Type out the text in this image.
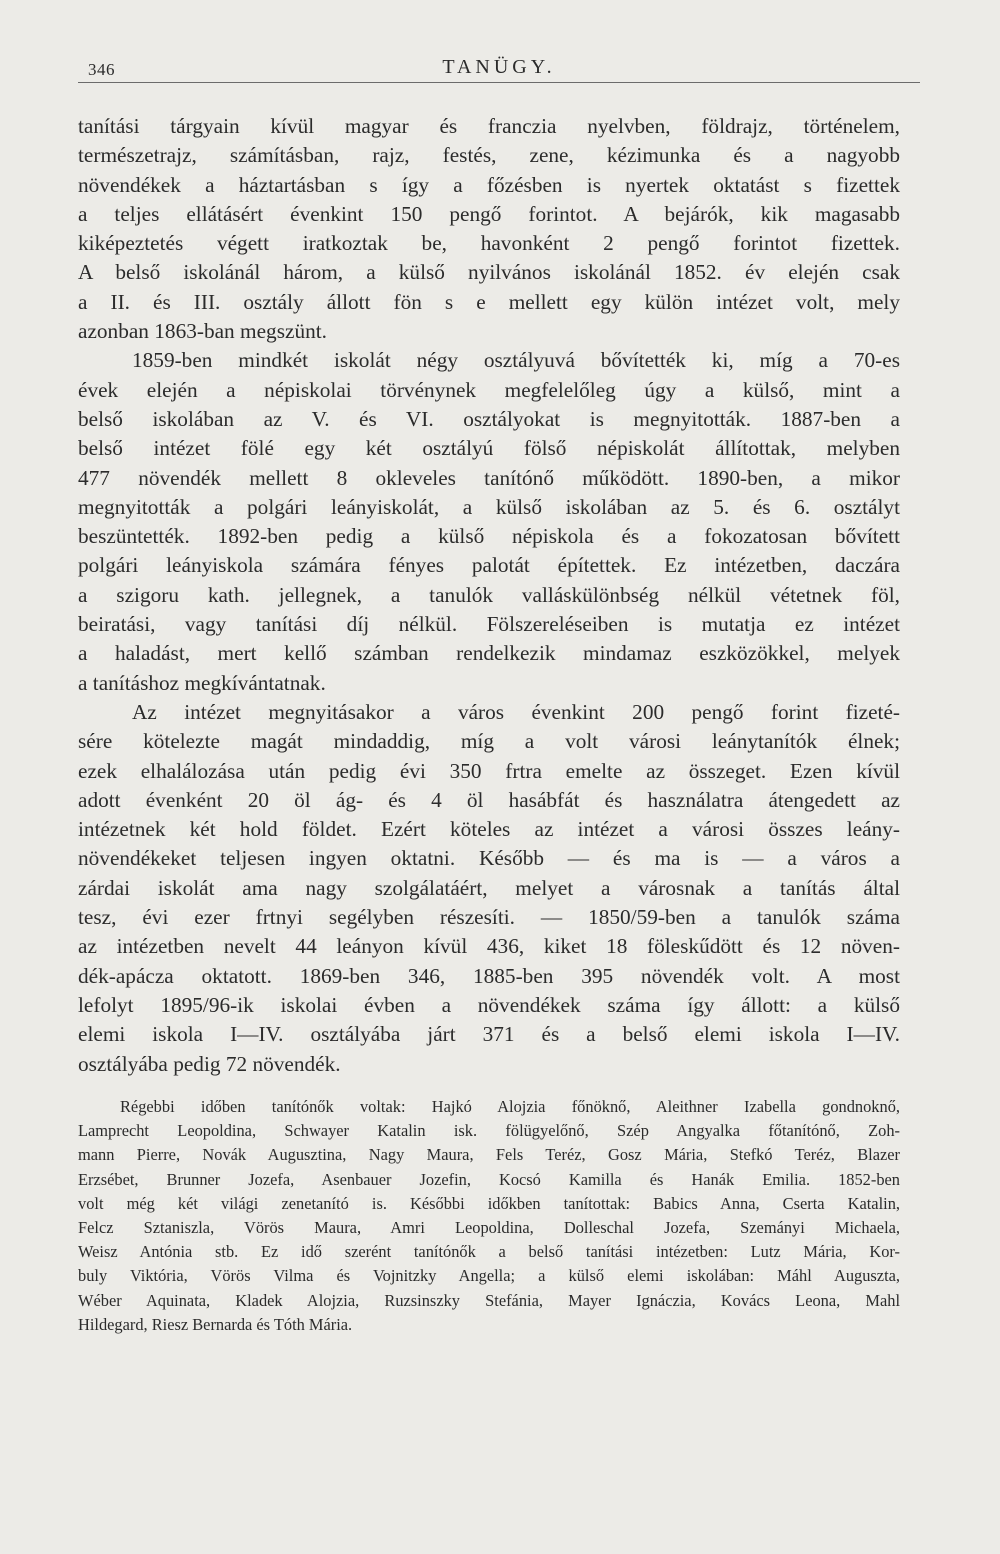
346	TANÜGY.
tanítási tárgyain kívül magyar és franczia nyelvben, földrajz, történelem,
természetrajz, számításban, rajz, festés, zene, kézimunka és a nagyobb
növendékek a háztartásban s így a főzésben is nyertek oktatást s fizettek
a teljes ellátásért évenkint 150 pengő forintot. A bejárók, kik magasabb
kiképeztetés végett iratkoztak be, havonként 2 pengő forintot fizettek.
A belső iskolánál három, a külső nyilvános iskolánál 1852. év elején csak
a II. és III. osztály állott fön s e mellett egy külön intézet volt, mely
azonban 1863-ban megszünt.
1859-ben mindkét iskolát négy osztályuvá bővítették ki, míg a 70-es
évek elején a népiskolai törvénynek megfelelőleg úgy a külső, mint a
belső iskolában az V. és VI. osztályokat is megnyitották. 1887-ben a
belső intézet fölé egy két osztályú fölső népiskolát állítottak, melyben
477 növendék mellett 8 okleveles tanítónő működött. 1890-ben, a mikor
megnyitották a polgári leányiskolát, a külső iskolában az 5. és 6. osztályt
beszüntették. 1892-ben pedig a külső népiskola és a fokozatosan bővített
polgári leányiskola számára fényes palotát építettek. Ez intézetben, daczára
a szigoru kath. jellegnek, a tanulók valláskülönbség nélkül vétetnek föl,
beiratási, vagy tanítási díj nélkül. Fölszereléseiben is mutatja ez intézet
a haladást, mert kellő számban rendelkezik mindamaz eszközökkel, melyek
a tanításhoz megkívántatnak.
Az intézet megnyitásakor a város évenkint 200 pengő forint fizeté-
sére kötelezte magát mindaddig, míg a volt városi leánytanítók élnek;
ezek elhalálozása után pedig évi 350 frtra emelte az összeget. Ezen kívül
adott évenként 20 öl ág- és 4 öl hasábfát és használatra átengedett az
intézetnek két hold földet. Ezért köteles az intézet a városi összes leány-
növendékeket teljesen ingyen oktatni. Később — és ma is — a város a
zárdai iskolát ama nagy szolgálatáért, melyet a városnak a tanítás által
tesz, évi ezer frtnyi segélyben részesíti. — 1850/59-ben a tanulók száma
az intézetben nevelt 44 leányon kívül 436, kiket 18 föleskűdött és 12 növen-
dék-apácza oktatott. 1869-ben 346, 1885-ben 395 növendék volt. A most
lefolyt 1895/96-ik iskolai évben a növendékek száma így állott: a külső
elemi iskola I—IV. osztályába járt 371 és a belső elemi iskola I—IV.
osztályába pedig 72 növendék.
Régebbi időben tanítónők voltak: Hajkó Alojzia főnöknő, Aleithner Izabella gondnoknő,
Lamprecht Leopoldina, Schwayer Katalin isk. fölügyelőnő, Szép Angyalka főtanítónő, Zoh-
mann Pierre, Novák Augusztina, Nagy Maura, Fels Teréz, Gosz Mária, Stefkó Teréz, Blazer
Erzsébet, Brunner Jozefa, Asenbauer Jozefin, Kocsó Kamilla és Hanák Emilia. 1852-ben
volt még két világi zenetanító is. Későbbi időkben tanítottak: Babics Anna, Cserta Katalin,
Felcz Sztaniszla, Vörös Maura, Amri Leopoldina, Dolleschal Jozefa, Szemányi Michaela,
Weisz Antónia stb. Ez idő szerént tanítónők a belső tanítási intézetben: Lutz Mária, Kor-
buly Viktória, Vörös Vilma és Vojnitzky Angella; a külső elemi iskolában: Máhl Auguszta,
Wéber Aquinata, Kladek Alojzia, Ruzsinszky Stefánia, Mayer Ignáczia, Kovács Leona, Mahl
Hildegard, Riesz Bernarda és Tóth Mária.
